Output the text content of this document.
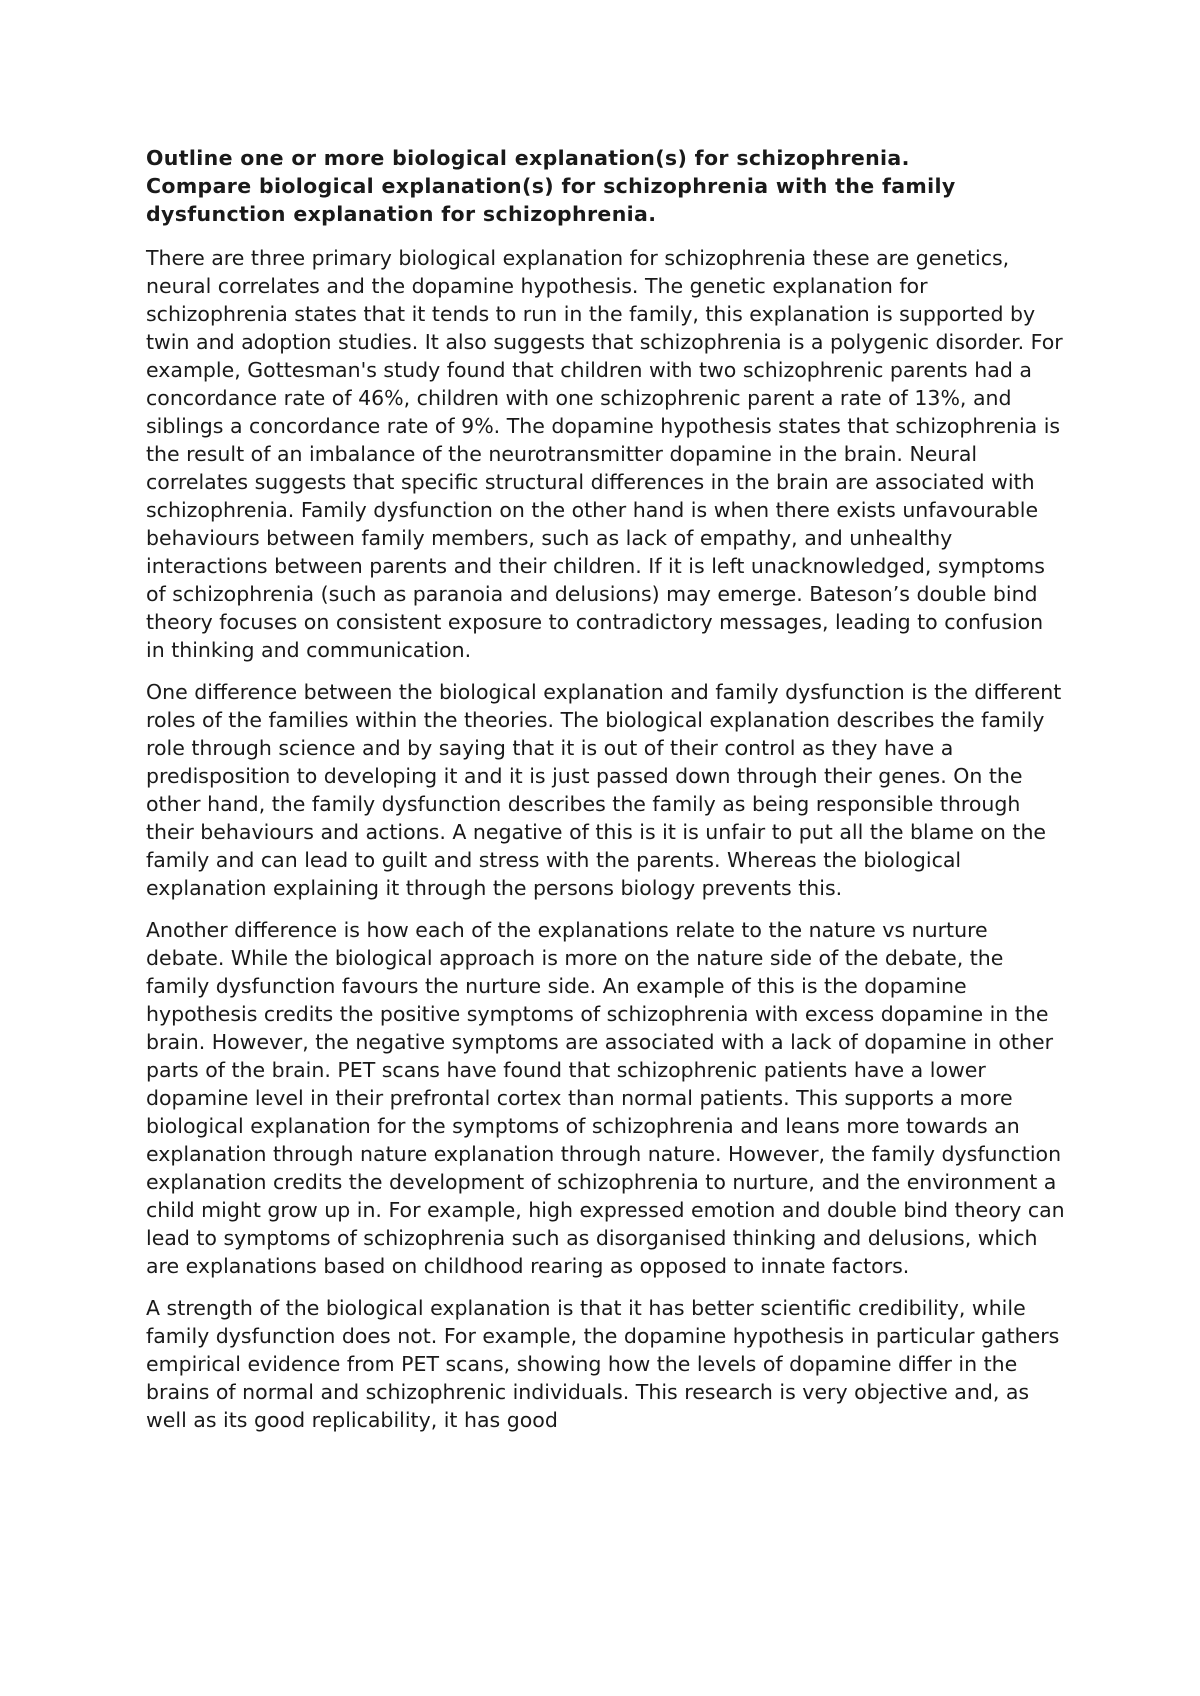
Outline one or more biological explanation(s) for schizophrenia.
Compare biological explanation(s) for schizophrenia with the family
dysfunction explanation for schizophrenia.

There are three primary biological explanation for schizophrenia these are genetics, neural correlates and the dopamine hypothesis. The genetic explanation for schizophrenia states that it tends to run in the family, this explanation is supported by twin and adoption studies. It also suggests that schizophrenia is a polygenic disorder. For example, Gottesman's study found that children with two schizophrenic parents had a concordance rate of 46%, children with one schizophrenic parent a rate of 13%, and siblings a concordance rate of 9%. The dopamine hypothesis states that schizophrenia is the result of an imbalance of the neurotransmitter dopamine in the brain. Neural correlates suggests that specific structural differences in the brain are associated with schizophrenia. Family dysfunction on the other hand is when there exists unfavourable behaviours between family members, such as lack of empathy, and unhealthy interactions between parents and their children. If it is left unacknowledged, symptoms of schizophrenia (such as paranoia and delusions) may emerge. Bateson’s double bind theory focuses on consistent exposure to contradictory messages, leading to confusion in thinking and communication.

One difference between the biological explanation and family dysfunction is the different roles of the families within the theories. The biological explanation describes the family role through science and by saying that it is out of their control as they have a predisposition to developing it and it is just passed down through their genes. On the other hand, the family dysfunction describes the family as being responsible through their behaviours and actions. A negative of this is it is unfair to put all the blame on the family and can lead to guilt and stress with the parents. Whereas the biological explanation explaining it through the persons biology prevents this.

Another difference is how each of the explanations relate to the nature vs nurture debate. While the biological approach is more on the nature side of the debate, the family dysfunction favours the nurture side. An example of this is the dopamine hypothesis credits the positive symptoms of schizophrenia with excess dopamine in the brain. However, the negative symptoms are associated with a lack of dopamine in other parts of the brain. PET scans have found that schizophrenic patients have a lower dopamine level in their prefrontal cortex than normal patients. This supports a more biological explanation for the symptoms of schizophrenia and leans more towards an explanation through nature explanation through nature. However, the family dysfunction explanation credits the development of schizophrenia to nurture, and the environment a child might grow up in. For example, high expressed emotion and double bind theory can lead to symptoms of schizophrenia such as disorganised thinking and delusions, which are explanations based on childhood rearing as opposed to innate factors.

A strength of the biological explanation is that it has better scientific credibility, while family dysfunction does not. For example, the dopamine hypothesis in particular gathers empirical evidence from PET scans, showing how the levels of dopamine differ in the brains of normal and schizophrenic individuals. This research is very objective and, as well as its good replicability, it has good
